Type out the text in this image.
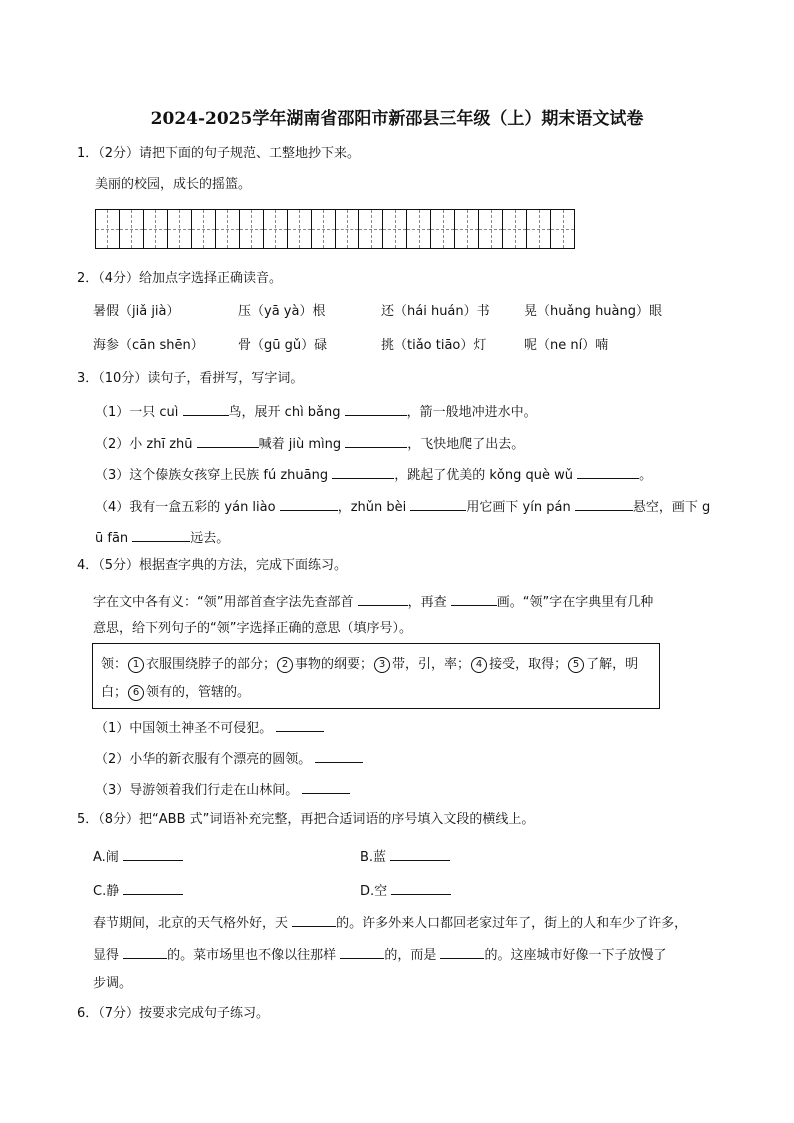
2024-2025学年湖南省邵阳市新邵县三年级（上）期末语文试卷
1．（2分）请把下面的句子规范、工整地抄下来。
美丽的校园，成长的摇篮。
2．（4分）给加点字选择正确读音。
暑假（jiǎ jià）	压（yā yà）根	还（hái huán）书	晃（huǎng huàng）眼
海参（cān shēn）	骨（gū gǔ）碌	挑（tiǎo tiāo）灯	呢（ne ní）喃
3．（10分）读句子，看拼写，写字词。
（1）一只 cuì	鸟，展开 chì bǎng	，箭一般地冲进水中。
（2）小 zhī zhū	喊着 jiù mìng	，飞快地爬了出去。
（3）这个傣族女孩穿上民族 fú zhuāng	，跳起了优美的 kǒng què wǔ	。
（4）我有一盒五彩的 yán liào	，zhǔn bèi	用它画下 yín pán	悬空，画下 g
ū fān	远去。
4．（5分）根据查字典的方法，完成下面练习。
字在文中各有义：“领”用部首查字法先查部首	，再查	画。“领”字在字典里有几种
意思，给下列句子的“领”字选择正确的意思（填序号）。
领： 1 衣服围绕脖子的部分； 2 事物的纲要； 3 带，引，率； 4 接受，取得； 5 了解，明白； 6 领有的，管辖的。
（1）中国领土神圣不可侵犯。
（2）小华的新衣服有个漂亮的圆领。
（3）导游领着我们行走在山林间。
5．（8分）把“ABB 式”词语补充完整，再把合适词语的序号填入文段的横线上。
A.闹	B.蓝
C.静	D.空
春节期间，北京的天气格外好，天	的。许多外来人口都回老家过年了，街上的人和车少了许多，
显得	的。菜市场里也不像以往那样	的，而是	的。这座城市好像一下子放慢了
步调。
6．（7分）按要求完成句子练习。
